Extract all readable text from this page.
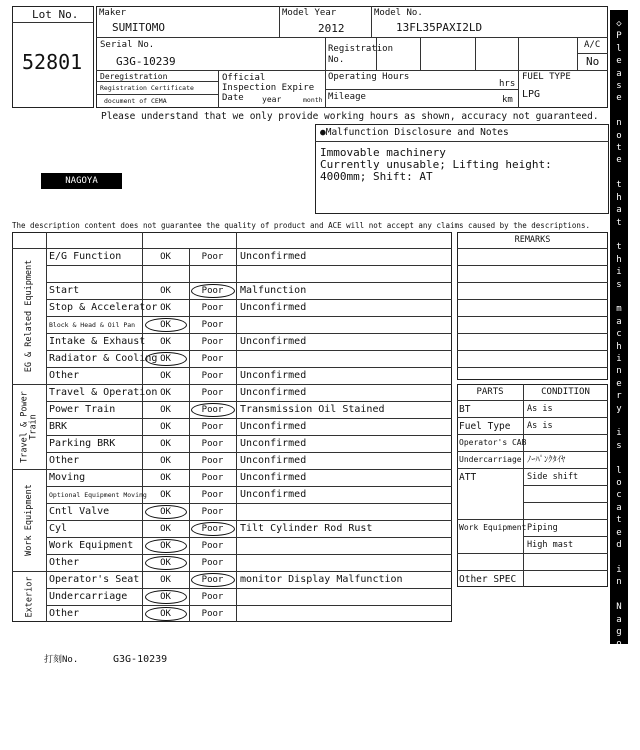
Lot No.
52801
Maker
SUMITOMO
Model Year
2012
Model No.
13FL35PAXI2LD
Serial No.
G3G-10239
Registration No.
A/C
No
Deregistration
Registration Certificate
document of CEMA
Official Inspection Expire Date	year	month
Operating Hours
hrs
Mileage	km
FUEL TYPE
LPG
Please understand that we only provide working hours as shown, accuracy not guaranteed.
●Malfunction Disclosure and Notes
Immovable machinery
Currently unusable; Lifting height:
4000mm; Shift: AT
NAGOYA
The description content does not guarantee the quality of product and ACE will not accept any claims caused by the descriptions.
EG & Related Equipment
Travel & Power Train
Work Equipment
Exterior
E/G Function	OK	Poor	Unconfirmed
Start	OK	Poor	Malfunction
Stop & Accelerator OK	Poor	Unconfirmed
Block & Head & Oil Pan	OK	Poor
Intake & Exhaust	OK	Poor	Unconfirmed
Radiator & Cooling OK	Poor
Other	OK	Poor	Unconfirmed
Travel & Operation OK	Poor	Unconfirmed
Power Train	OK	Poor	Transmission Oil Stained
BRK	OK	Poor	Unconfirmed
Parking BRK	OK	Poor	Unconfirmed
Other	OK	Poor	Unconfirmed
Moving	OK	Poor	Unconfirmed
Optional Equipment Moving	OK	Poor	Unconfirmed
Cntl Valve	OK	Poor
Cyl	OK	Poor	Tilt Cylinder Rod Rust
Work Equipment	OK	Poor
Other	OK	Poor
Operator's Seat	OK	Poor	monitor Display Malfunction
Undercarriage	OK	Poor
Other	OK	Poor
REMARKS
PARTS	CONDITION
BT	As is
Fuel Type As is
Operator's CAB
Undercarriage ﾉｰﾊﾟﾝｸﾀｲﾔ
ATT	Side shift
Work Equipment Piping
High mast
Other SPEC
打刻No.	G3G-10239
◇
P
l
e
a
s
e

n
o
t
e

t
h
a
t

t
h
i
s

m
a
c
h
i
n
e
r
y

i
s

l
o
c
a
t
e
d

i
n

N
a
g
o
y
a

Y
a
r
d
◇
